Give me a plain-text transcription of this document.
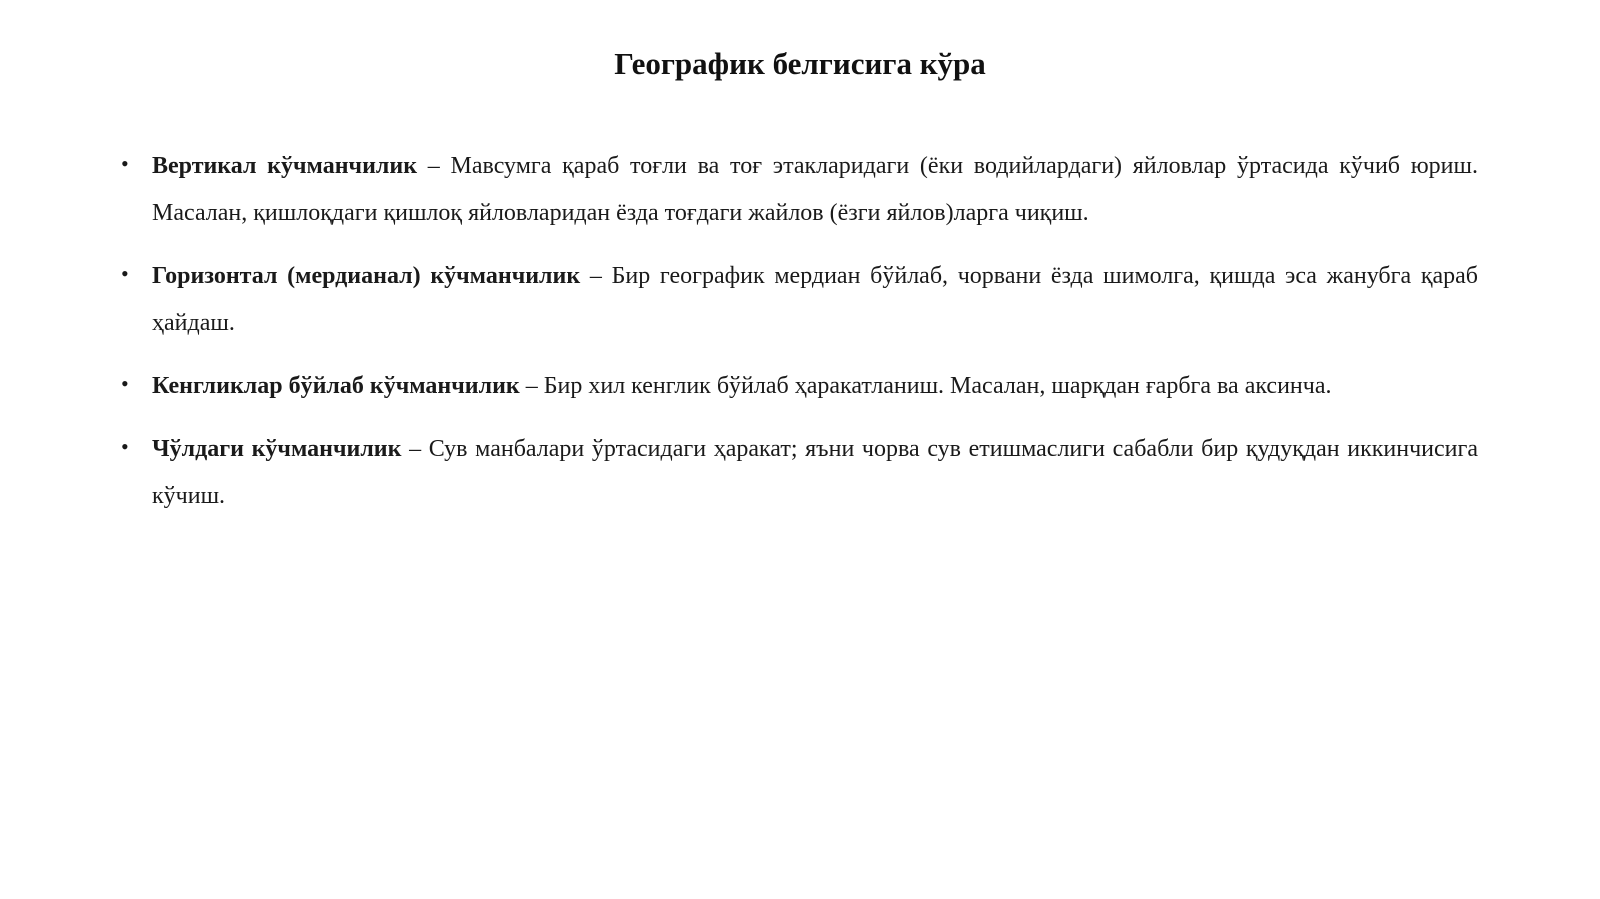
Географик белгисига кўра
• Вертикал кўчманчилик – Мавсумга қараб тоғли ва тоғ этакларидаги (ёки водийлардаги) яйловлар ўртасида кўчиб юриш. Масалан, қишлоқдаги қишлоқ яйловларидан ёзда тоғдаги жайлов (ёзги яйлов)ларга чиқиш.
• Горизонтал (мердианал) кўчманчилик – Бир географик мердиан бўйлаб, чорвани ёзда шимолга, қишда эса жанубга қараб ҳайдаш.
• Кенгликлар бўйлаб кўчманчилик – Бир хил кенглик бўйлаб ҳаракатланиш. Масалан, шарқдан ғарбга ва аксинча.
• Чўлдаги кўчманчилик – Сув манбалари ўртасидаги ҳаракат; яъни чорва сув етишмаслиги сабабли бир қудуқдан иккинчисига кўчиш.
